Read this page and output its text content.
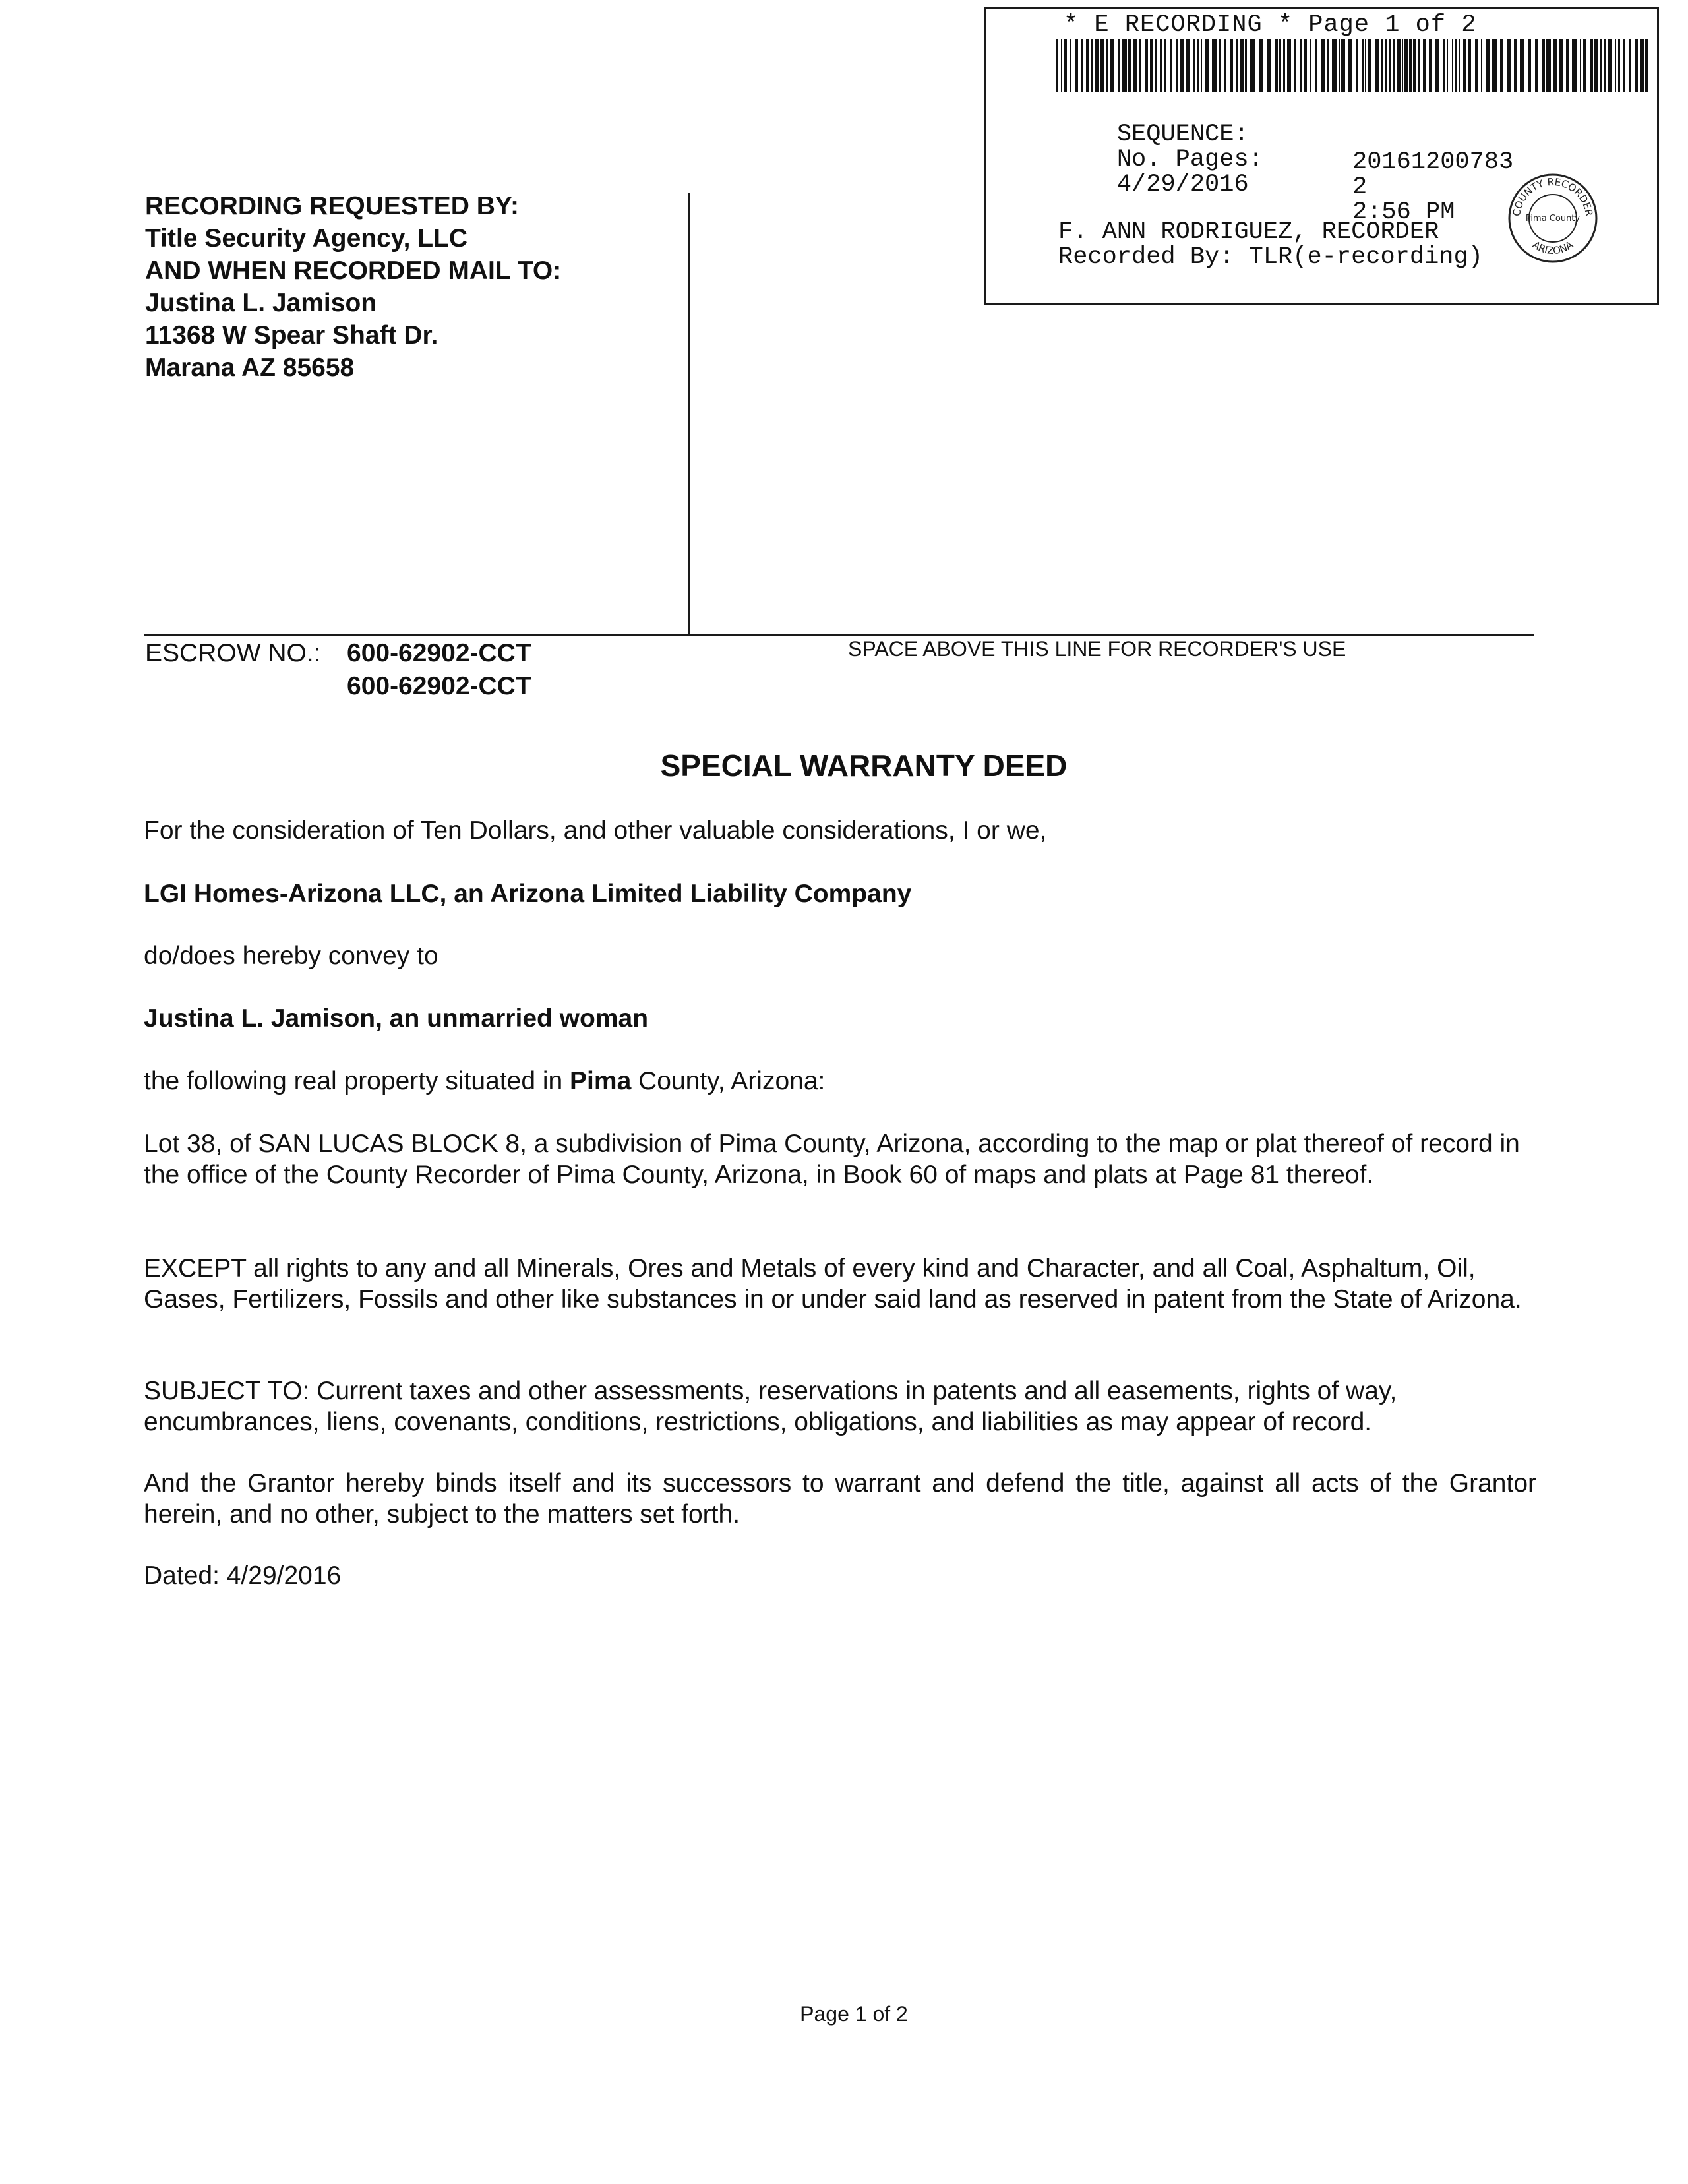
* E RECORDING * Page 1 of 2

SEQUENCE:

20161200783

No. Pages:

2

4/29/2016

2:56 PM

F. ANN RODRIGUEZ, RECORDER
Recorded By: TLR(e-recording)
COUNTY RECORDER
ARIZONA
Pima County
RECORDING REQUESTED BY:
Title Security Agency, LLC
AND WHEN RECORDED MAIL TO:
Justina L. Jamison
11368 W Spear Shaft Dr.
Marana AZ 85658
ESCROW NO.: 600-62902-CCT
600-62902-CCT
SPACE ABOVE THIS LINE FOR RECORDER'S USE
SPECIAL WARRANTY DEED
For the consideration of Ten Dollars, and other valuable considerations, I or we,
LGI Homes-Arizona LLC, an Arizona Limited Liability Company
do/does hereby convey to
Justina L. Jamison, an unmarried woman
the following real property situated in Pima County, Arizona:
Lot 38, of SAN LUCAS BLOCK 8, a subdivision of Pima County, Arizona, according to the map or plat thereof of record in the office of the County Recorder of Pima County, Arizona, in Book 60 of maps and plats at Page 81 thereof.
EXCEPT all rights to any and all Minerals, Ores and Metals of every kind and Character, and all Coal, Asphaltum, Oil, Gases, Fertilizers, Fossils and other like substances in or under said land as reserved in patent from the State of Arizona.
SUBJECT TO: Current taxes and other assessments, reservations in patents and all easements, rights of way, encumbrances, liens, covenants, conditions, restrictions, obligations, and liabilities as may appear of record.
And the Grantor hereby binds itself and its successors to warrant and defend the title, against all acts of the Grantor herein, and no other, subject to the matters set forth.
Dated: 4/29/2016
Page 1 of 2
